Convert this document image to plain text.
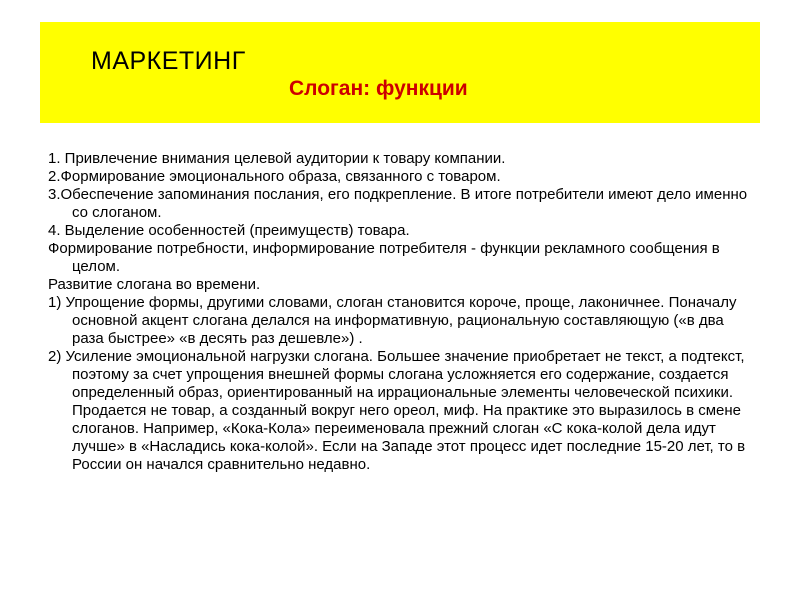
МАРКЕТИНГ
Слоган: функции

1. Привлечение внимания целевой аудитории к товару компании.

2.Формирование эмоционального образа, связанного с товаром.

3.Обеспечение запоминания послания, его подкрепление. В итоге потребители имеют дело именно со слоганом.

4. Выделение особенностей (преимуществ) товара.

Формирование потребности, информирование потребителя - функции рекламного сообщения в целом.

Развитие слогана во времени.

1) Упрощение формы, другими словами, слоган становится короче, проще, лаконичнее. Поначалу основной акцент слогана делался на информативную, рациональную составляющую («в два раза быстрее» «в десять раз дешевле») .

2) Усиление эмоциональной нагрузки слогана. Большее значение приобретает не текст, а подтекст, поэтому за счет упрощения внешней формы слогана усложняется его содержание, создается определенный образ, ориентированный на иррациональные элементы человеческой психики. Продается не товар, а созданный вокруг него ореол, миф. На практике это выразилось в смене слоганов. Например, «Кока-Кола» переименовала прежний слоган «С кока-колой дела идут лучше» в «Насладись кока-колой». Если на Западе этот процесс идет последние 15-20 лет, то в России он начался сравнительно недавно.
